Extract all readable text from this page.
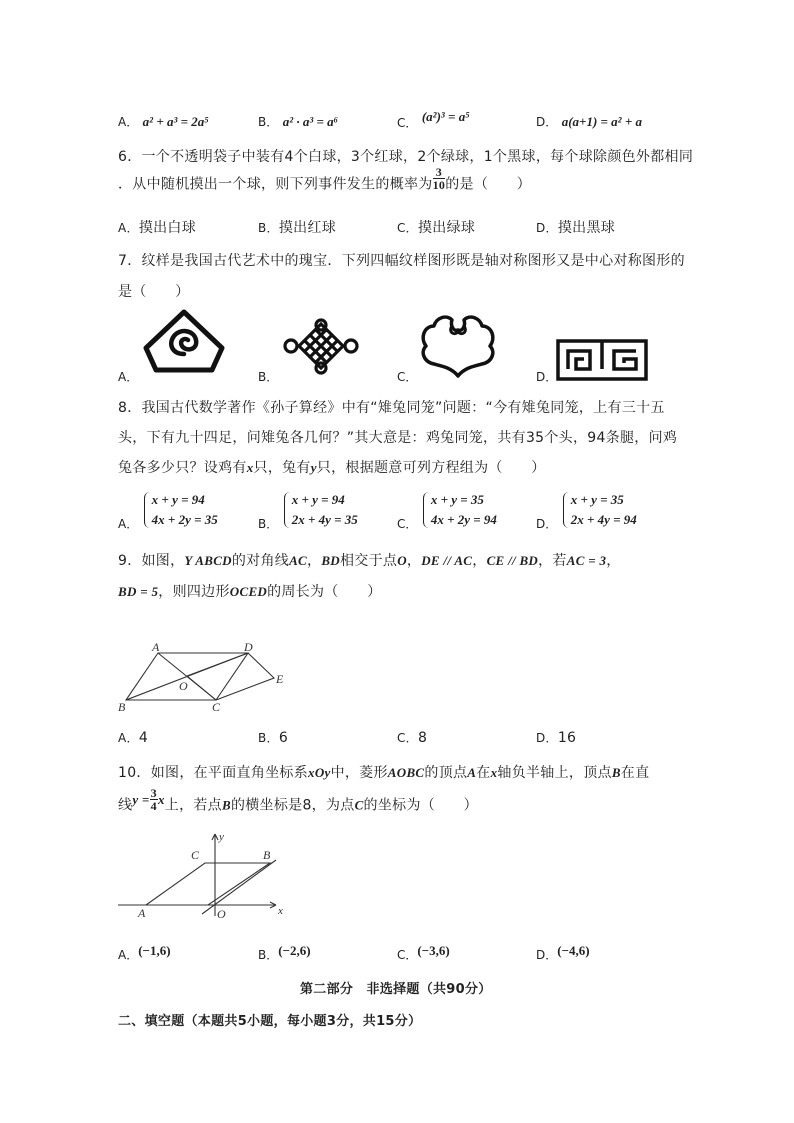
A． a² + a³ = 2a⁵	B． a² · a³ = a⁶	C． (a²)³ = a⁵	D． a(a+1) = a² + a
6．一个不透明袋子中装有4个白球，3个红球，2个绿球，1个黑球，每个球除颜色外都相同
．从中随机摸出一个球，则下列事件发生的概率为 $\frac{3}{10}$ 的是（　　）
A．摸出白球	B．摸出红球	C．摸出绿球	D．摸出黑球
7．纹样是我国古代艺术中的瑰宝．下列四幅纹样图形既是轴对称图形又是中心对称图形的
是（　　）
A．	B．	C．	D．
8．我国古代数学著作《孙子算经》中有“雉兔同笼”问题：“今有雉兔同笼，上有三十五
头，下有九十四足，问雉兔各几何？”其大意是：鸡兔同笼，共有35个头，94条腿，问鸡
兔各多少只？设鸡有x只，兔有y只，根据题意可列方程组为（　　）
A．
x + y = 94
4x + 2y = 35	B．
x + y = 94
2x + 4y = 35	C．
x + y = 35
4x + 2y = 94	D．
x + y = 35
2x + 4y = 94
9．如图，Y ABCD的对角线AC，BD相交于点O，DE // AC，CE // BD，若AC = 3，
BD = 5，则四边形OCED的周长为（　　）
A	D
B	C
E
O
A．4	B．6	C．8	D．16
10．如图，在平面直角坐标系xOy中，菱形AOBC的顶点A在x轴负半轴上，顶点B在直
线$y = \frac{3}{4}$ x上，若点B的横坐标是8，为点C的坐标为（　　）
y
x
C	B
A	O
A．(−1,6)	B．(−2,6)	C．(−3,6)	D．(−4,6)
第二部分　非选择题（共90分）
二、填空题（本题共5小题，每小题3分，共15分）
